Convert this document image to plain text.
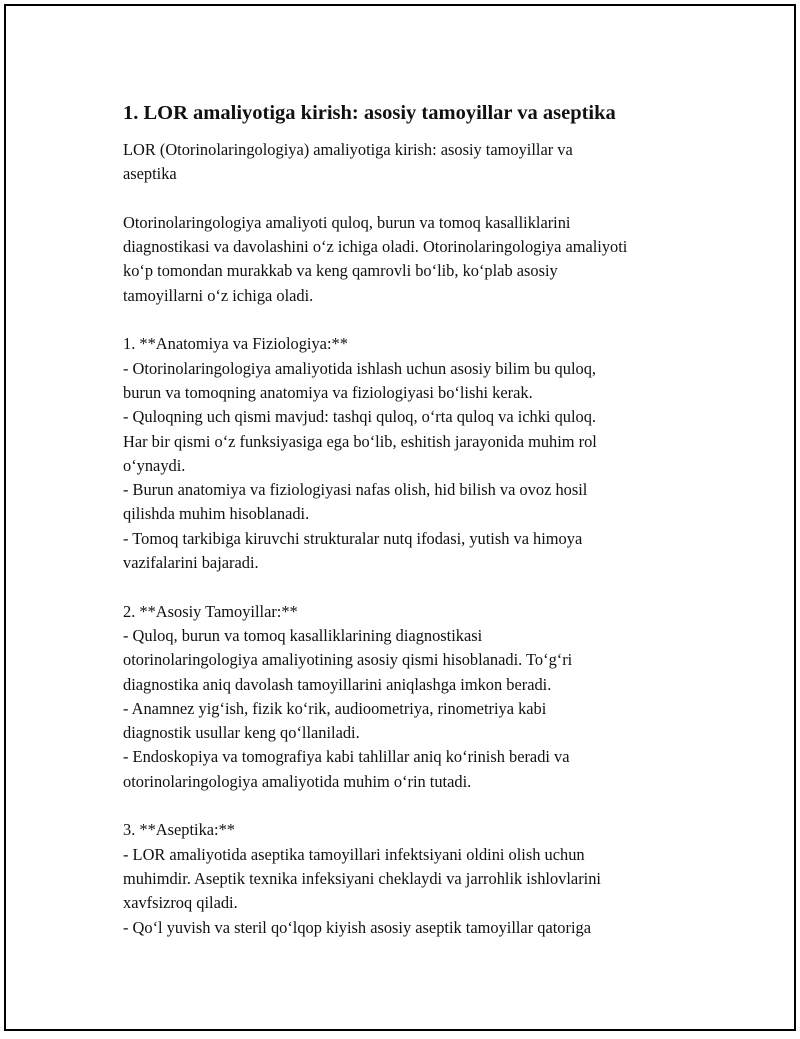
1. LOR amaliyotiga kirish: asosiy tamoyillar va aseptika

LOR (Otorinolaringologiya) amaliyotiga kirish: asosiy tamoyillar va
aseptika

Otorinolaringologiya amaliyoti quloq, burun va tomoq kasalliklarini
diagnostikasi va davolashini o‘z ichiga oladi. Otorinolaringologiya amaliyoti
ko‘p tomondan murakkab va keng qamrovli bo‘lib, ko‘plab asosiy
tamoyillarni o‘z ichiga oladi.

1. **Anatomiya va Fiziologiya:**
- Otorinolaringologiya amaliyotida ishlash uchun asosiy bilim bu quloq,
burun va tomoqning anatomiya va fiziologiyasi bo‘lishi kerak.
- Quloqning uch qismi mavjud: tashqi quloq, o‘rta quloq va ichki quloq.
Har bir qismi o‘z funksiyasiga ega bo‘lib, eshitish jarayonida muhim rol
o‘ynaydi.
- Burun anatomiya va fiziologiyasi nafas olish, hid bilish va ovoz hosil
qilishda muhim hisoblanadi.
- Tomoq tarkibiga kiruvchi strukturalar nutq ifodasi, yutish va himoya
vazifalarini bajaradi.

2. **Asosiy Tamoyillar:**
- Quloq, burun va tomoq kasalliklarining diagnostikasi
otorinolaringologiya amaliyotining asosiy qismi hisoblanadi. To‘g‘ri
diagnostika aniq davolash tamoyillarini aniqlashga imkon beradi.
- Anamnez yig‘ish, fizik ko‘rik, audioometriya, rinometriya kabi
diagnostik usullar keng qo‘llaniladi.
- Endoskopiya va tomografiya kabi tahlillar aniq ko‘rinish beradi va
otorinolaringologiya amaliyotida muhim o‘rin tutadi.

3. **Aseptika:**
- LOR amaliyotida aseptika tamoyillari infektsiyani oldini olish uchun
muhimdir. Aseptik texnika infeksiyani cheklaydi va jarrohlik ishlovlarini
xavfsizroq qiladi.
- Qo‘l yuvish va steril qo‘lqop kiyish asosiy aseptik tamoyillar qatoriga
